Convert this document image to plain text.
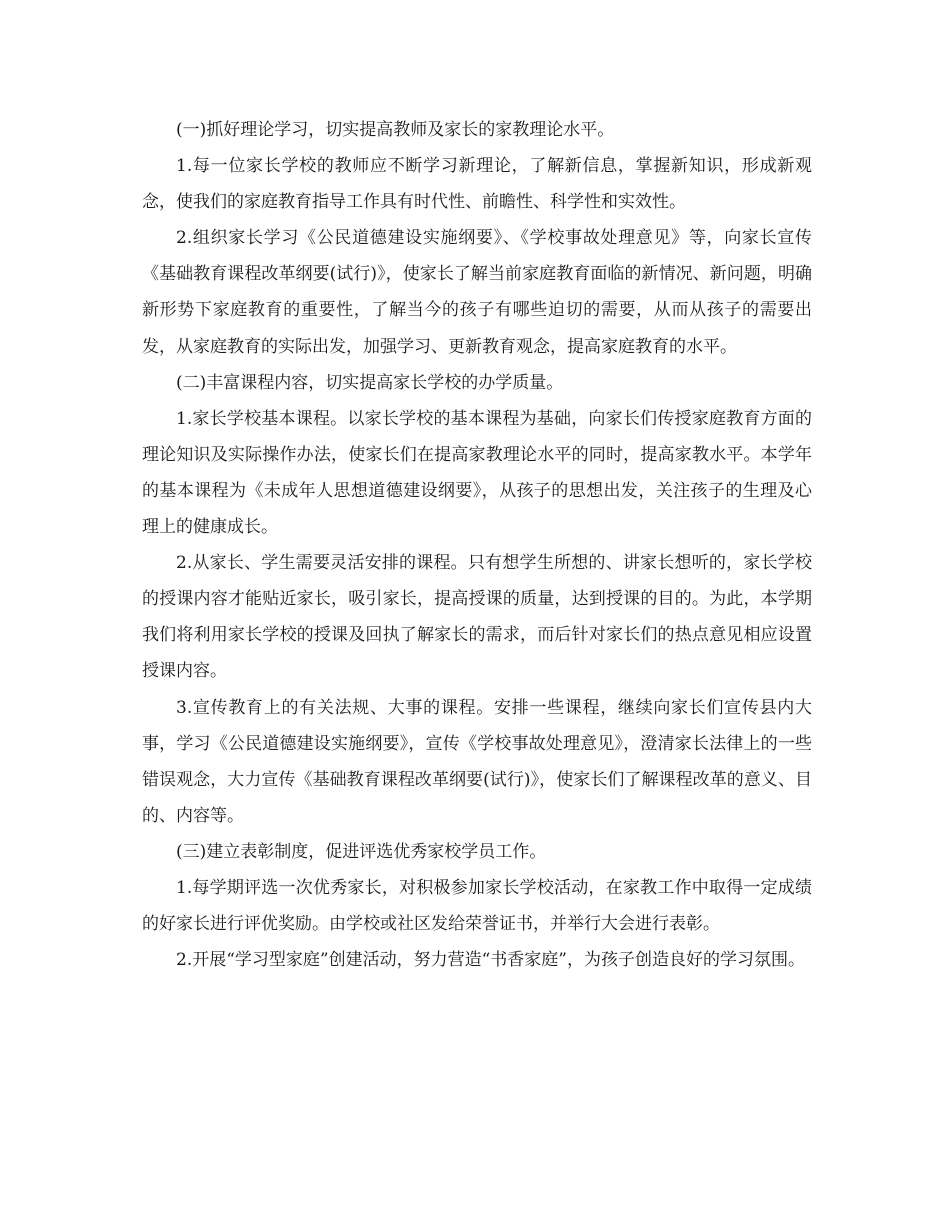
(一)抓好理论学习，切实提高教师及家长的家教理论水平。

1.每一位家长学校的教师应不断学习新理论，了解新信息，掌握新知识，形成新观念，使我们的家庭教育指导工作具有时代性、前瞻性、科学性和实效性。

2.组织家长学习《公民道德建设实施纲要》、《学校事故处理意见》等，向家长宣传《基础教育课程改革纲要(试行)》，使家长了解当前家庭教育面临的新情况、新问题，明确新形势下家庭教育的重要性，了解当今的孩子有哪些迫切的需要，从而从孩子的需要出发，从家庭教育的实际出发，加强学习、更新教育观念，提高家庭教育的水平。

(二)丰富课程内容，切实提高家长学校的办学质量。

1.家长学校基本课程。以家长学校的基本课程为基础，向家长们传授家庭教育方面的理论知识及实际操作办法，使家长们在提高家教理论水平的同时，提高家教水平。本学年的基本课程为《未成年人思想道德建设纲要》，从孩子的思想出发，关注孩子的生理及心理上的健康成长。

2.从家长、学生需要灵活安排的课程。只有想学生所想的、讲家长想听的，家长学校的授课内容才能贴近家长，吸引家长，提高授课的质量，达到授课的目的。为此，本学期我们将利用家长学校的授课及回执了解家长的需求，而后针对家长们的热点意见相应设置授课内容。

3.宣传教育上的有关法规、大事的课程。安排一些课程，继续向家长们宣传县内大事，学习《公民道德建设实施纲要》，宣传《学校事故处理意见》，澄清家长法律上的一些错误观念，大力宣传《基础教育课程改革纲要(试行)》，使家长们了解课程改革的意义、目的、内容等。

(三)建立表彰制度，促进评选优秀家校学员工作。

1.每学期评选一次优秀家长，对积极参加家长学校活动，在家教工作中取得一定成绩的好家长进行评优奖励。由学校或社区发给荣誉证书，并举行大会进行表彰。

2.开展“学习型家庭”创建活动，努力营造“书香家庭”，为孩子创造良好的学习氛围。
